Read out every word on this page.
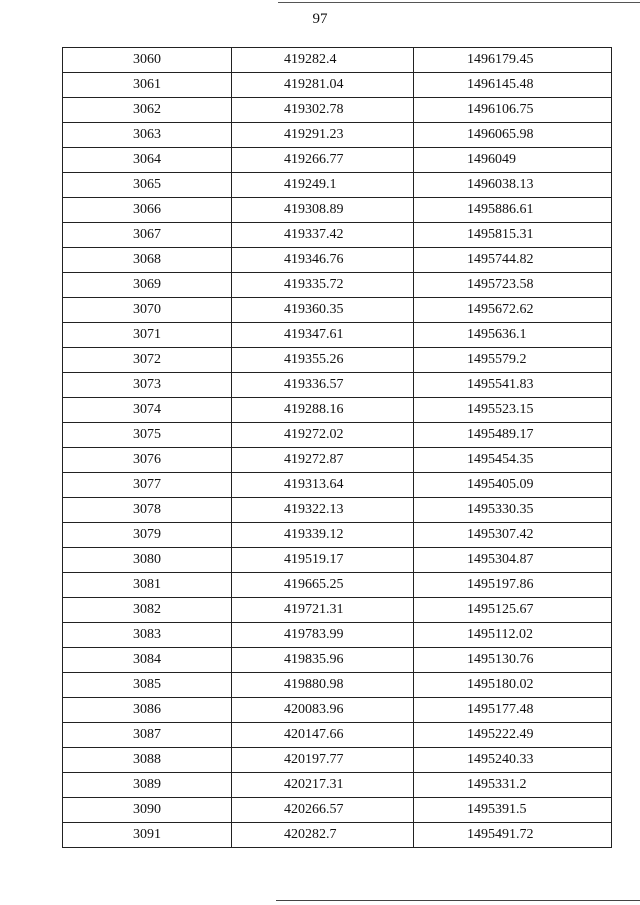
97
3060	419282.4	1496179.45
3061	419281.04	1496145.48
3062	419302.78	1496106.75
3063	419291.23	1496065.98
3064	419266.77	1496049
3065	419249.1	1496038.13
3066	419308.89	1495886.61
3067	419337.42	1495815.31
3068	419346.76	1495744.82
3069	419335.72	1495723.58
3070	419360.35	1495672.62
3071	419347.61	1495636.1
3072	419355.26	1495579.2
3073	419336.57	1495541.83
3074	419288.16	1495523.15
3075	419272.02	1495489.17
3076	419272.87	1495454.35
3077	419313.64	1495405.09
3078	419322.13	1495330.35
3079	419339.12	1495307.42
3080	419519.17	1495304.87
3081	419665.25	1495197.86
3082	419721.31	1495125.67
3083	419783.99	1495112.02
3084	419835.96	1495130.76
3085	419880.98	1495180.02
3086	420083.96	1495177.48
3087	420147.66	1495222.49
3088	420197.77	1495240.33
3089	420217.31	1495331.2
3090	420266.57	1495391.5
3091	420282.7	1495491.72
